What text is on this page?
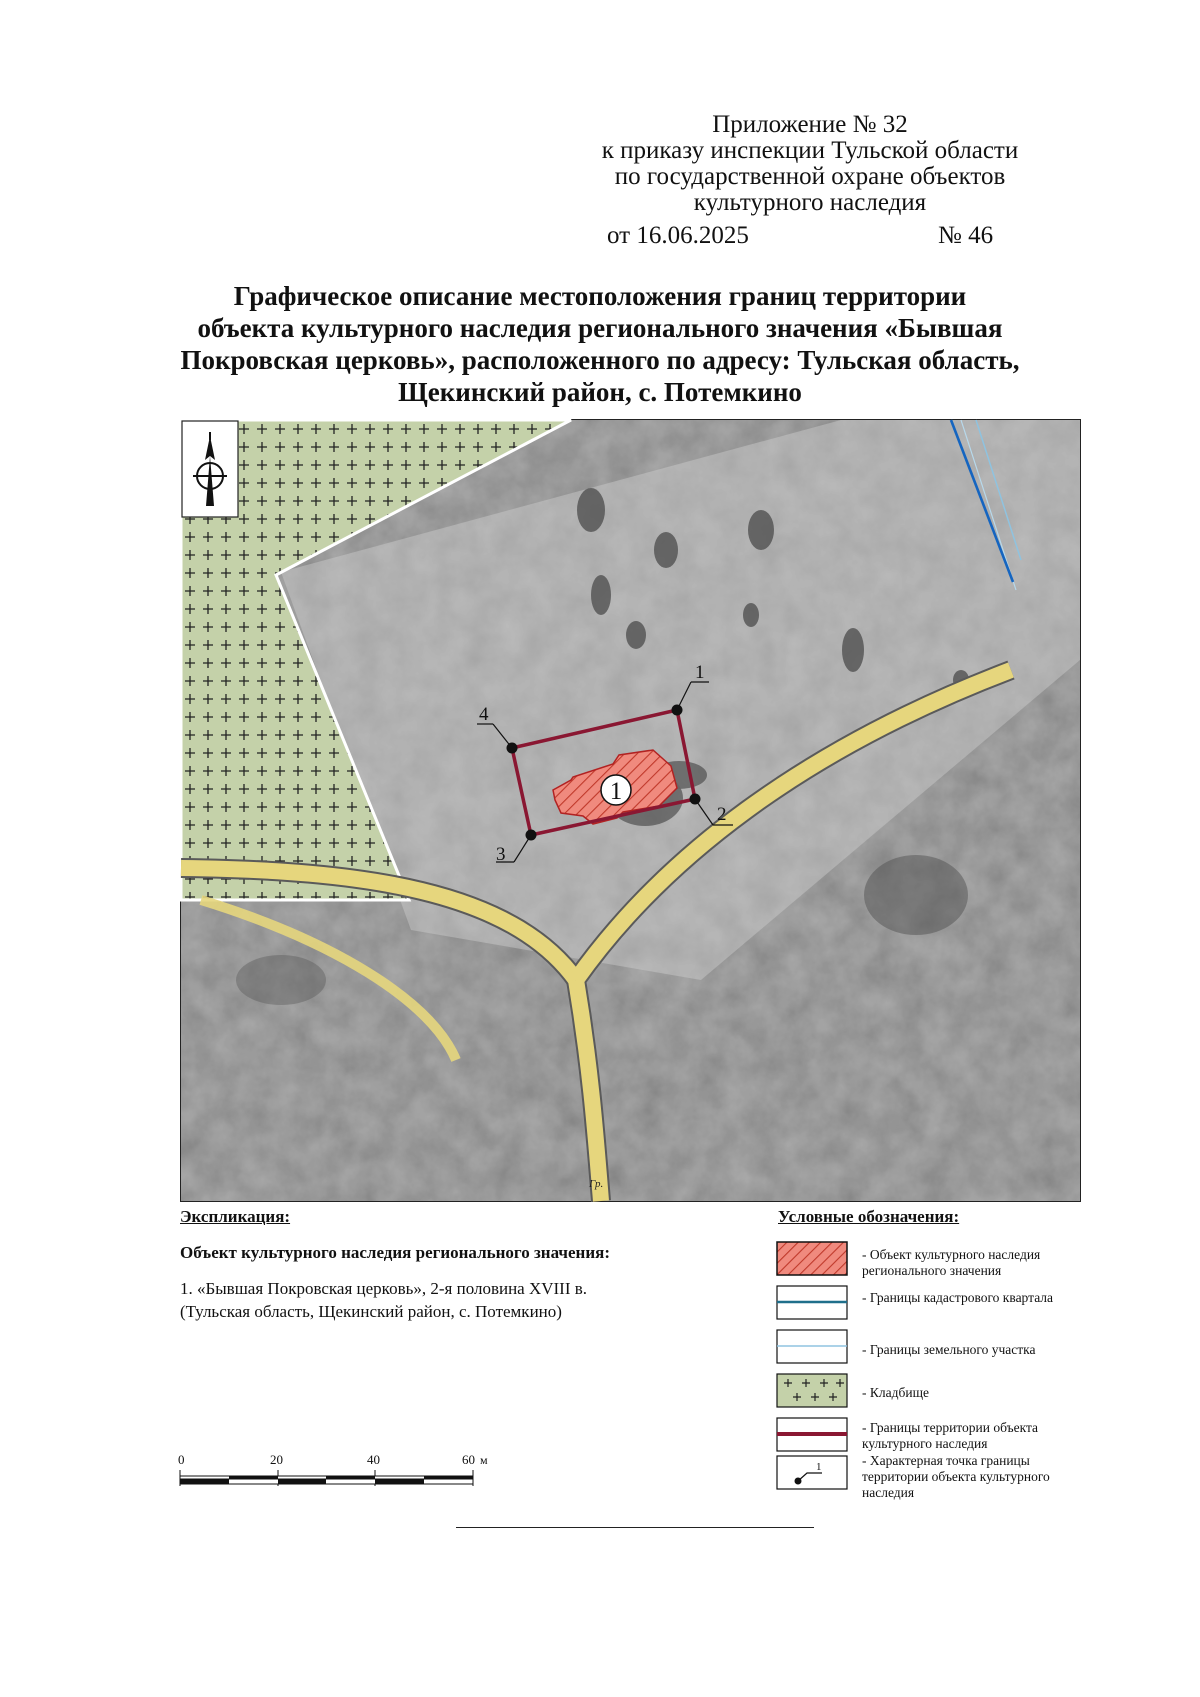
Приложение № 32
к приказу инспекции Тульской области
по государственной охране объектов
культурного наследия
от 16.06.2025	№ 46
Графическое описание местоположения границ территории
объекта культурного наследия регионального значения «Бывшая
Покровская церковь», расположенного по адресу: Тульская область,
Щекинский район, с. Потемкино
Гр.
1
1
2
3
4
Экспликация:
Объект культурного наследия регионального значения:
1. «Бывшая Покровская церковь», 2-я половина XVIII в.
(Тульская область, Щекинский район, с. Потемкино)
Условные обозначения:
- Объект культурного наследия регионального значения
- Границы кадастрового квартала
- Границы земельного участка
- Кладбище
- Границы территории объекта культурного наследия
1	- Характерная точка границы территории объекта культурного наследия
0	20	40	60 м
